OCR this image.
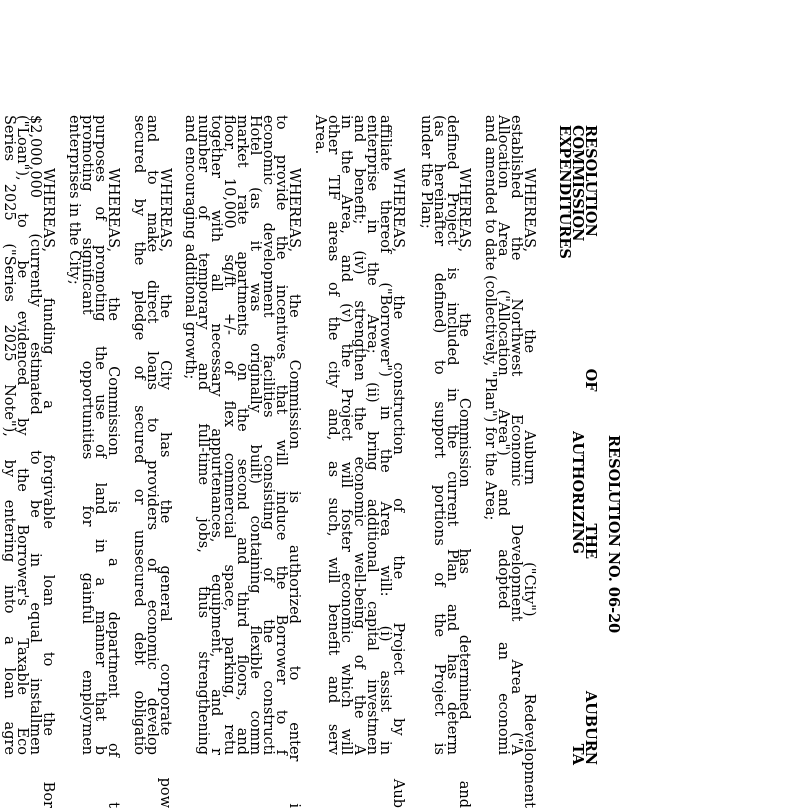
RESOLUTION NO. 06-20
RESOLUTION OF THE AUBURN
COMMISSION AUTHORIZING TA
EXPENDITURES
WHEREAS, the Auburn ("City") Redevelopment
established the Northwest Economic Development Area ("A
Allocation Area ("Allocation Area") and adopted an economi
and amended to date (collectively, "Plan") for the Area;
WHEREAS, the Commission has determined and
defined Project is included in the current Plan and has determ
(as hereinafter defined) to support portions of the Project is
under the Plan;
WHEREAS, the construction of the Project by Aub
affiliate thereof ("Borrower") in the Area will: (i) assist in
enterprise in the Area; (ii) bring additional capital investmen
and benefit; (iv) strengthen the economic well-being of the A
in the Area, and (v) the Project will foster economic which will
other TIF areas of the city and, as such, will benefit and serv
Area.
WHEREAS, the Commission is authorized to enter i
to provide the incentives that will induce the Borrower to f
economic development facilities consisting of the constructi
Hotel (as it was originally built) containing flexible comm
market rate apartments on the second and third floors, and
floor, 10,000 sq/ft +/- of flex commercial space, parking, retu
together with all necessary appurtenances, equipment, and r
number of temporary and full-time jobs, thus strengthening
and encouraging additional growth;
WHEREAS, the City has the general corporate pow
and to make direct loans to providers of economic develop
secured by the pledge of secured or unsecured debt obligatio
WHEREAS, the Commission is a department of t
purposes of promoting the use of land in a manner that b
promoting significant opportunities for gainful employmen
enterprises in the City;
WHEREAS, funding a forgivable loan to the Bor
$2,000,000 (currently estimated to be in equal installmen
("Loan"), to be evidenced by the Borrower's Taxable Eco
Series 2025 ("Series 2025 Note"), by entering into a loan agre
